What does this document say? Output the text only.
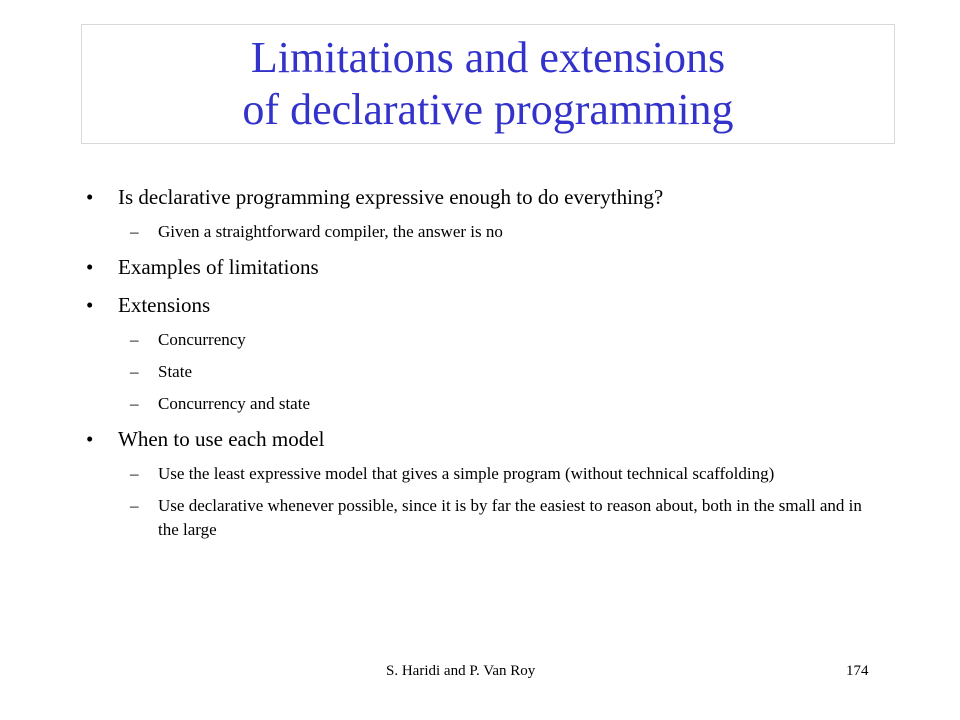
Limitations and extensions
of declarative programming
• Is declarative programming expressive enough to do everything?
– Given a straightforward compiler, the answer is no
• Examples of limitations
• Extensions
– Concurrency
– State
– Concurrency and state
• When to use each model
– Use the least expressive model that gives a simple program (without technical scaffolding)
– Use declarative whenever possible, since it is by far the easiest to reason about, both in the small and in the large
S. Haridi and P. Van Roy	174
